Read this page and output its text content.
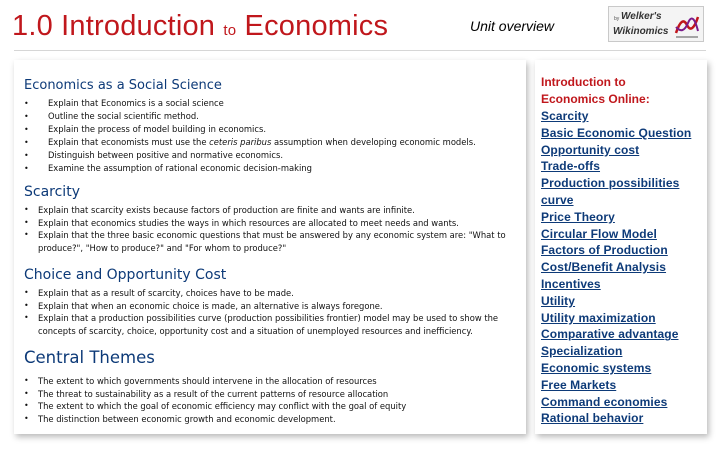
1.0 Introduction to Economics	Unit overview	by Welker's
Wikinomics
Economics as a Social Science
• Explain that Economics is a social science
• Outline the social scientific method.
• Explain the process of model building in economics.
• Explain that economists must use the ceteris paribus assumption when developing economic models.
• Distinguish between positive and normative economics.
• Examine the assumption of rational economic decision-making
Scarcity
• Explain that scarcity exists because factors of production are finite and wants are infinite.
• Explain that economics studies the ways in which resources are allocated to meet needs and wants.
• Explain that the three basic economic questions that must be answered by any economic system are: "What to produce?", "How to produce?" and "For whom to produce?"
Choice and Opportunity Cost
• Explain that as a result of scarcity, choices have to be made.
• Explain that when an economic choice is made, an alternative is always foregone.
• Explain that a production possibilities curve (production possibilities frontier) model may be used to show the concepts of scarcity, choice, opportunity cost and a situation of unemployed resources and inefficiency.
Central Themes
• The extent to which governments should intervene in the allocation of resources
• The threat to sustainability as a result of the current patterns of resource allocation
• The extent to which the goal of economic efficiency may conflict with the goal of equity
• The distinction between economic growth and economic development.
Introduction to
Economics Online:
Scarcity
Basic Economic Question
Opportunity cost
Trade-offs
Production possibilities
curve
Price Theory
Circular Flow Model
Factors of Production
Cost/Benefit Analysis
Incentives
Utility
Utility maximization
Comparative advantage
Specialization
Economic systems
Free Markets
Command economies
Rational behavior
